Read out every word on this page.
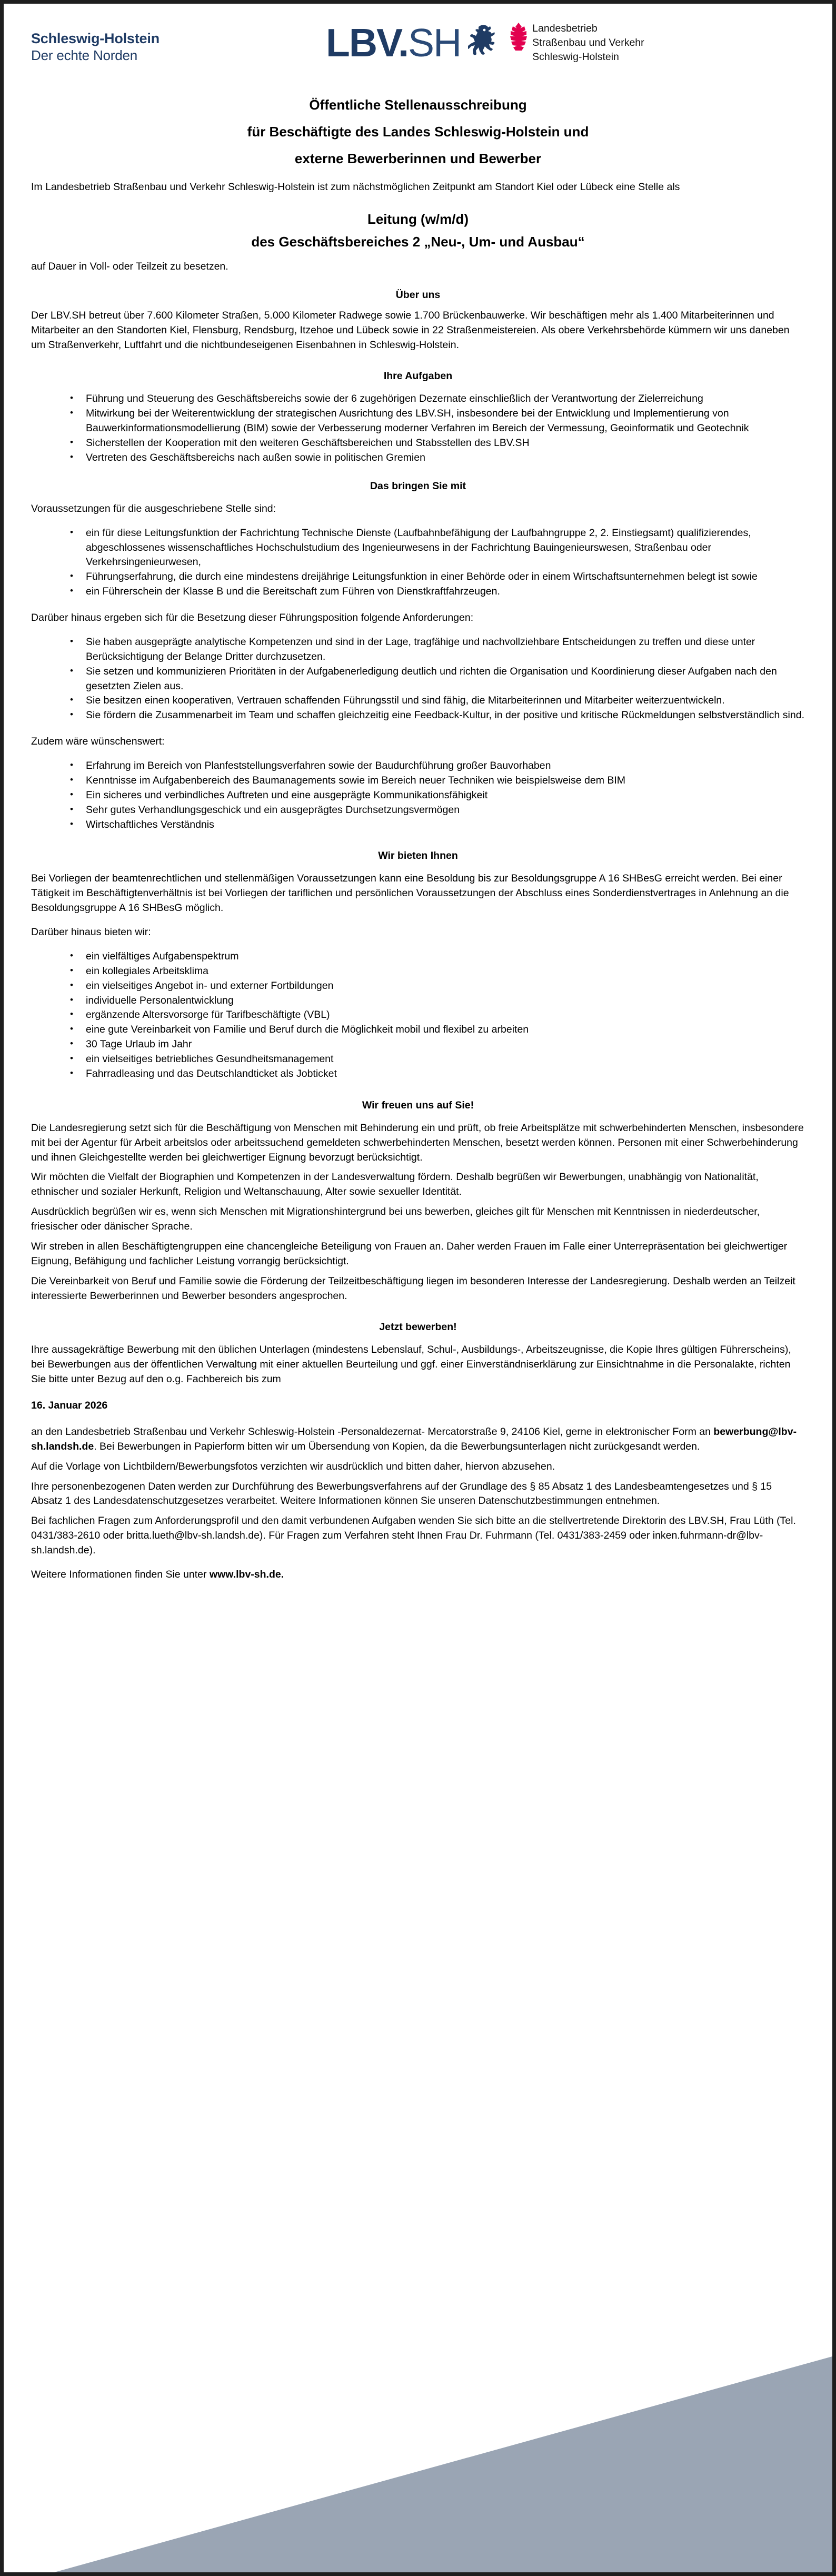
Schleswig-Holstein
Der echte Norden	LBV.SH	Landesbetrieb
Straßenbau und Verkehr
Schleswig-Holstein
Öffentliche Stellenausschreibung
für Beschäftigte des Landes Schleswig-Holstein und
externe Bewerberinnen und Bewerber

Im Landesbetrieb Straßenbau und Verkehr Schleswig-Holstein ist zum nächstmöglichen Zeitpunkt am Standort Kiel oder Lübeck eine Stelle als

Leitung (w/m/d)
des Geschäftsbereiches 2 „Neu-, Um- und Ausbau“

auf Dauer in Voll- oder Teilzeit zu besetzen.

Über uns

Der LBV.SH betreut über 7.600 Kilometer Straßen, 5.000 Kilometer Radwege sowie 1.700 Brückenbauwerke. Wir beschäftigen mehr als 1.400 Mitarbeiterinnen und Mitarbeiter an den Standorten Kiel, Flensburg, Rendsburg, Itzehoe und Lübeck sowie in 22 Straßenmeistereien. Als obere Verkehrsbehörde kümmern wir uns daneben um Straßenverkehr, Luftfahrt und die nichtbundeseigenen Eisenbahnen in Schleswig-Holstein.

Ihre Aufgaben
• Führung und Steuerung des Geschäftsbereichs sowie der 6 zugehörigen Dezernate einschließlich der Verantwortung der Zielerreichung
• Mitwirkung bei der Weiterentwicklung der strategischen Ausrichtung des LBV.SH, insbesondere bei der Entwicklung und Implementierung von Bauwerkinformationsmodellierung (BIM) sowie der Verbesserung moderner Verfahren im Bereich der Vermessung, Geoinformatik und Geotechnik
• Sicherstellen der Kooperation mit den weiteren Geschäftsbereichen und Stabsstellen des LBV.SH
• Vertreten des Geschäftsbereichs nach außen sowie in politischen Gremien
Das bringen Sie mit

Voraussetzungen für die ausgeschriebene Stelle sind:

• ein für diese Leitungsfunktion der Fachrichtung Technische Dienste (Laufbahnbefähigung der Laufbahngruppe 2, 2. Einstiegsamt) qualifizierendes, abgeschlossenes wissenschaftliches Hochschulstudium des Ingenieurwesens in der Fachrichtung Bauingenieurswesen, Straßenbau oder Verkehrsingenieurwesen,
• Führungserfahrung, die durch eine mindestens dreijährige Leitungsfunktion in einer Behörde oder in einem Wirtschaftsunternehmen belegt ist sowie
• ein Führerschein der Klasse B und die Bereitschaft zum Führen von Dienstkraftfahrzeugen.

Darüber hinaus ergeben sich für die Besetzung dieser Führungsposition folgende Anforderungen:

• Sie haben ausgeprägte analytische Kompetenzen und sind in der Lage, tragfähige und nachvollziehbare Entscheidungen zu treffen und diese unter Berücksichtigung der Belange Dritter durchzusetzen.
• Sie setzen und kommunizieren Prioritäten in der Aufgabenerledigung deutlich und richten die Organisation und Koordinierung dieser Aufgaben nach den gesetzten Zielen aus.
• Sie besitzen einen kooperativen, Vertrauen schaffenden Führungsstil und sind fähig, die Mitarbeiterinnen und Mitarbeiter weiterzuentwickeln.
• Sie fördern die Zusammenarbeit im Team und schaffen gleichzeitig eine Feedback-Kultur, in der positive und kritische Rückmeldungen selbstverständlich sind.

Zudem wäre wünschenswert:

• Erfahrung im Bereich von Planfeststellungsverfahren sowie der Baudurchführung großer Bauvorhaben
• Kenntnisse im Aufgabenbereich des Baumanagements sowie im Bereich neuer Techniken wie beispielsweise dem BIM
• Ein sicheres und verbindliches Auftreten und eine ausgeprägte Kommunikationsfähigkeit
• Sehr gutes Verhandlungsgeschick und ein ausgeprägtes Durchsetzungsvermögen
• Wirtschaftliches Verständnis
Wir bieten Ihnen

Bei Vorliegen der beamtenrechtlichen und stellenmäßigen Voraussetzungen kann eine Besoldung bis zur Besoldungsgruppe A 16 SHBesG erreicht werden. Bei einer Tätigkeit im Beschäftigtenverhältnis ist bei Vorliegen der tariflichen und persönlichen Voraussetzungen der Abschluss eines Sonderdienstvertrages in Anlehnung an die Besoldungsgruppe A 16 SHBesG möglich.

Darüber hinaus bieten wir:

• ein vielfältiges Aufgabenspektrum
• ein kollegiales Arbeitsklima
• ein vielseitiges Angebot in- und externer Fortbildungen
• individuelle Personalentwicklung
• ergänzende Altersvorsorge für Tarifbeschäftigte (VBL)
• eine gute Vereinbarkeit von Familie und Beruf durch die Möglichkeit mobil und flexibel zu arbeiten
• 30 Tage Urlaub im Jahr
• ein vielseitiges betriebliches Gesundheitsmanagement
• Fahrradleasing und das Deutschlandticket als Jobticket
Wir freuen uns auf Sie!

Die Landesregierung setzt sich für die Beschäftigung von Menschen mit Behinderung ein und prüft, ob freie Arbeitsplätze mit schwerbehinderten Menschen, insbesondere mit bei der Agentur für Arbeit arbeitslos oder arbeitssuchend gemeldeten schwerbehinderten Menschen, besetzt werden können. Personen mit einer Schwerbehinderung und ihnen Gleichgestellte werden bei gleichwertiger Eignung bevorzugt berücksichtigt.

Wir möchten die Vielfalt der Biographien und Kompetenzen in der Landesverwaltung fördern. Deshalb begrüßen wir Bewerbungen, unabhängig von Nationalität, ethnischer und sozialer Herkunft, Religion und Weltanschauung, Alter sowie sexueller Identität.

Ausdrücklich begrüßen wir es, wenn sich Menschen mit Migrationshintergrund bei uns bewerben, gleiches gilt für Menschen mit Kenntnissen in niederdeutscher, friesischer oder dänischer Sprache.

Wir streben in allen Beschäftigtengruppen eine chancengleiche Beteiligung von Frauen an. Daher werden Frauen im Falle einer Unterrepräsentation bei gleichwertiger Eignung, Befähigung und fachlicher Leistung vorrangig berücksichtigt.

Die Vereinbarkeit von Beruf und Familie sowie die Förderung der Teilzeitbeschäftigung liegen im besonderen Interesse der Landesregierung. Deshalb werden an Teilzeit interessierte Bewerberinnen und Bewerber besonders angesprochen.

Jetzt bewerben!

Ihre aussagekräftige Bewerbung mit den üblichen Unterlagen (mindestens Lebenslauf, Schul-, Ausbildungs-, Arbeitszeugnisse, die Kopie Ihres gültigen Führerscheins), bei Bewerbungen aus der öffentlichen Verwaltung mit einer aktuellen Beurteilung und ggf. einer Einverständniserklärung zur Einsichtnahme in die Personalakte, richten Sie bitte unter Bezug auf den o.g. Fachbereich bis zum

16. Januar 2026

an den Landesbetrieb Straßenbau und Verkehr Schleswig-Holstein -Personaldezernat- Mercatorstraße 9, 24106 Kiel, gerne in elektronischer Form an bewerbung@lbv-sh.landsh.de. Bei Bewerbungen in Papierform bitten wir um Übersendung von Kopien, da die Bewerbungsunterlagen nicht zurückgesandt werden.

Auf die Vorlage von Lichtbildern/Bewerbungsfotos verzichten wir ausdrücklich und bitten daher, hiervon abzusehen.

Ihre personenbezogenen Daten werden zur Durchführung des Bewerbungsverfahrens auf der Grundlage des § 85 Absatz 1 des Landesbeamtengesetzes und § 15 Absatz 1 des Landesdatenschutzgesetzes verarbeitet. Weitere Informationen können Sie unseren Datenschutzbestimmungen entnehmen.

Bei fachlichen Fragen zum Anforderungsprofil und den damit verbundenen Aufgaben wenden Sie sich bitte an die stellvertretende Direktorin des LBV.SH, Frau Lüth (Tel. 0431/383-2610 oder britta.lueth@lbv-sh.landsh.de). Für Fragen zum Verfahren steht Ihnen Frau Dr. Fuhrmann (Tel. 0431/383-2459 oder inken.fuhrmann-dr@lbv-sh.landsh.de).

Weitere Informationen finden Sie unter www.lbv-sh.de.
